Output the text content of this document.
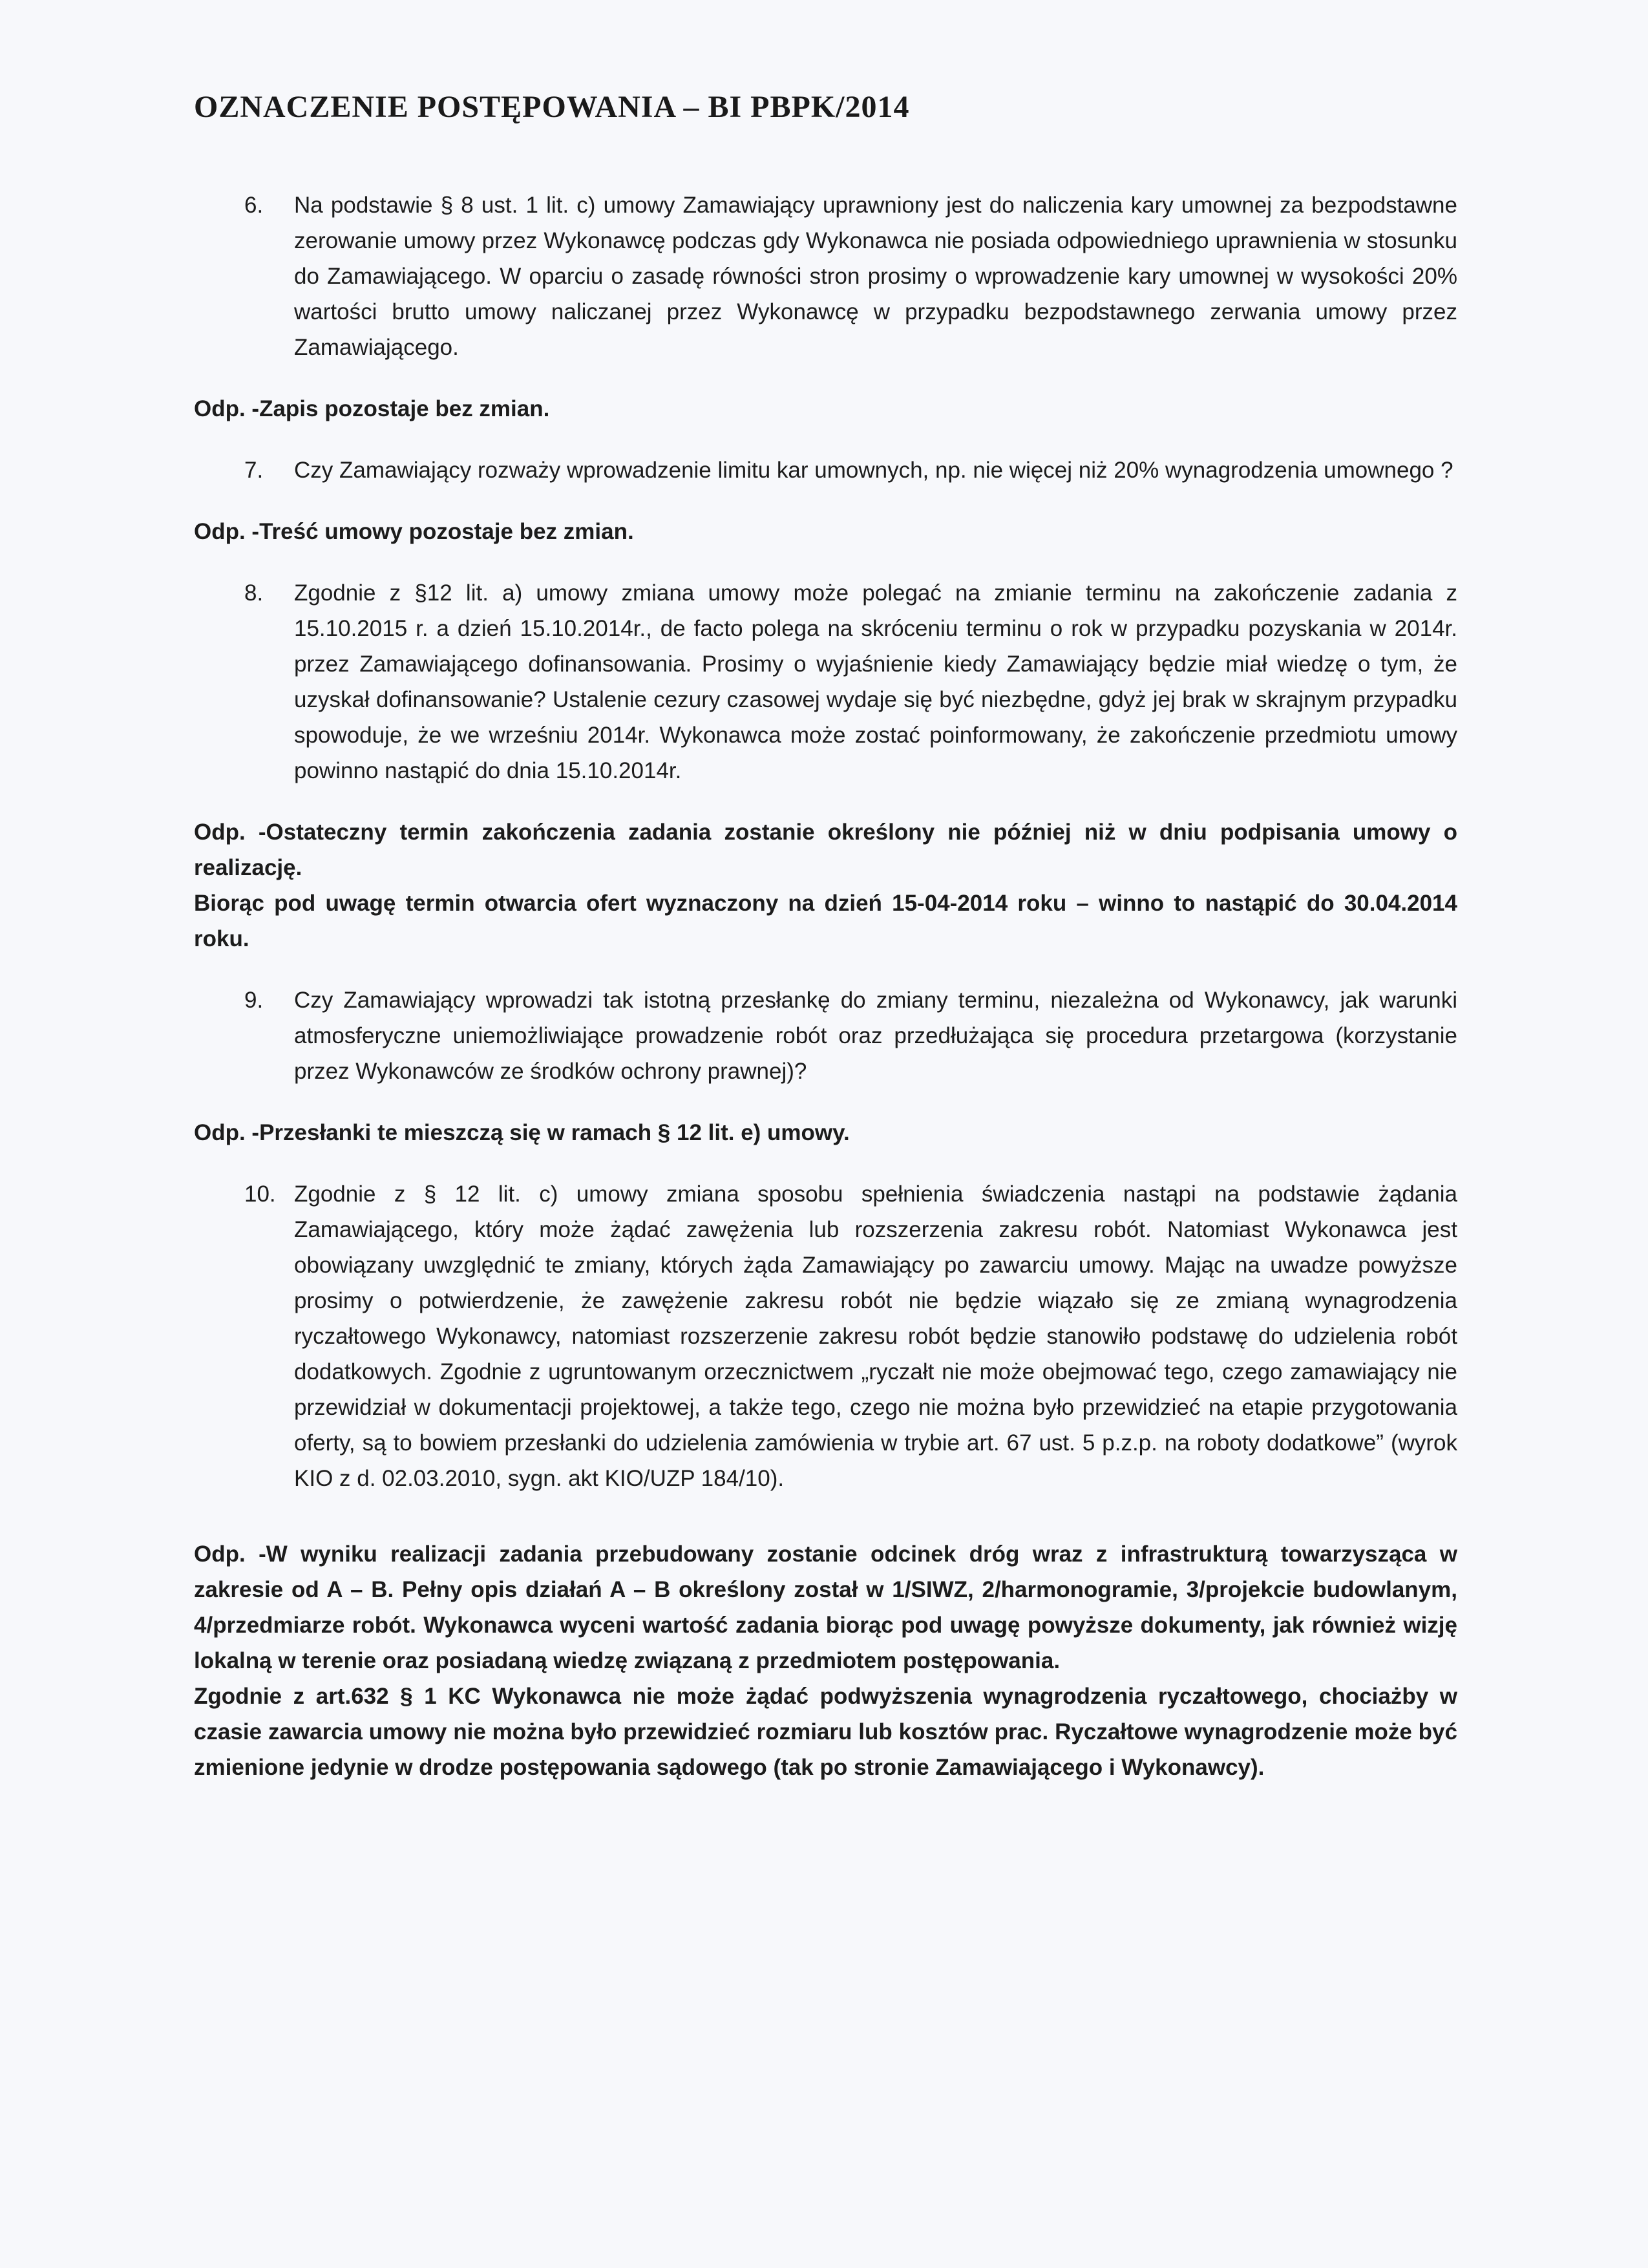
OZNACZENIE POSTĘPOWANIA – BI PBPK/2014
6. Na podstawie § 8 ust. 1 lit. c) umowy Zamawiający uprawniony jest do naliczenia kary umownej za bezpodstawne zerowanie umowy przez Wykonawcę podczas gdy Wykonawca nie posiada odpowiedniego uprawnienia w stosunku do Zamawiającego. W oparciu o zasadę równości stron prosimy o wprowadzenie kary umownej w wysokości 20% wartości brutto umowy naliczanej przez Wykonawcę w przypadku bezpodstawnego zerwania umowy przez Zamawiającego.

Odp. -Zapis pozostaje bez zmian.

7. Czy Zamawiający rozważy wprowadzenie limitu kar umownych, np. nie więcej niż 20% wynagrodzenia umownego ?

Odp. -Treść umowy pozostaje bez zmian.

8. Zgodnie z §12 lit. a) umowy zmiana umowy może polegać na zmianie terminu na zakończenie zadania z 15.10.2015 r. a dzień 15.10.2014r., de facto polega na skróceniu terminu o rok w przypadku pozyskania w 2014r. przez Zamawiającego dofinansowania. Prosimy o wyjaśnienie kiedy Zamawiający będzie miał wiedzę o tym, że uzyskał dofinansowanie? Ustalenie cezury czasowej wydaje się być niezbędne, gdyż jej brak w skrajnym przypadku spowoduje, że we wrześniu 2014r. Wykonawca może zostać poinformowany, że zakończenie przedmiotu umowy powinno nastąpić do dnia 15.10.2014r.

Odp. -Ostateczny termin zakończenia zadania zostanie określony nie później niż w dniu podpisania umowy o realizację.

Biorąc pod uwagę termin otwarcia ofert wyznaczony na dzień 15-04-2014 roku – winno to nastąpić do 30.04.2014 roku.

9. Czy Zamawiający wprowadzi tak istotną przesłankę do zmiany terminu, niezależna od Wykonawcy, jak warunki atmosferyczne uniemożliwiające prowadzenie robót oraz przedłużająca się procedura przetargowa (korzystanie przez Wykonawców ze środków ochrony prawnej)?

Odp. -Przesłanki te mieszczą się w ramach § 12 lit. e) umowy.

10. Zgodnie z § 12 lit. c) umowy zmiana sposobu spełnienia świadczenia nastąpi na podstawie żądania Zamawiającego, który może żądać zawężenia lub rozszerzenia zakresu robót. Natomiast Wykonawca jest obowiązany uwzględnić te zmiany, których żąda Zamawiający po zawarciu umowy. Mając na uwadze powyższe prosimy o potwierdzenie, że zawężenie zakresu robót nie będzie wiązało się ze zmianą wynagrodzenia ryczałtowego Wykonawcy, natomiast rozszerzenie zakresu robót będzie stanowiło podstawę do udzielenia robót dodatkowych. Zgodnie z ugruntowanym orzecznictwem „ryczałt nie może obejmować tego, czego zamawiający nie przewidział w dokumentacji projektowej, a także tego, czego nie można było przewidzieć na etapie przygotowania oferty, są to bowiem przesłanki do udzielenia zamówienia w trybie art. 67 ust. 5 p.z.p. na roboty dodatkowe” (wyrok KIO z d. 02.03.2010, sygn. akt KIO/UZP 184/10).

Odp. -W wyniku realizacji zadania przebudowany zostanie odcinek dróg wraz z infrastrukturą towarzysząca w zakresie od A – B. Pełny opis działań A – B określony został w 1/SIWZ, 2/harmonogramie, 3/projekcie budowlanym, 4/przedmiarze robót. Wykonawca wyceni wartość zadania biorąc pod uwagę powyższe dokumenty, jak również wizję lokalną w terenie oraz posiadaną wiedzę związaną z przedmiotem postępowania.

Zgodnie z art.632 § 1 KC Wykonawca nie może żądać podwyższenia wynagrodzenia ryczałtowego, chociażby w czasie zawarcia umowy nie można było przewidzieć rozmiaru lub kosztów prac. Ryczałtowe wynagrodzenie może być zmienione jedynie w drodze postępowania sądowego (tak po stronie Zamawiającego i Wykonawcy).
